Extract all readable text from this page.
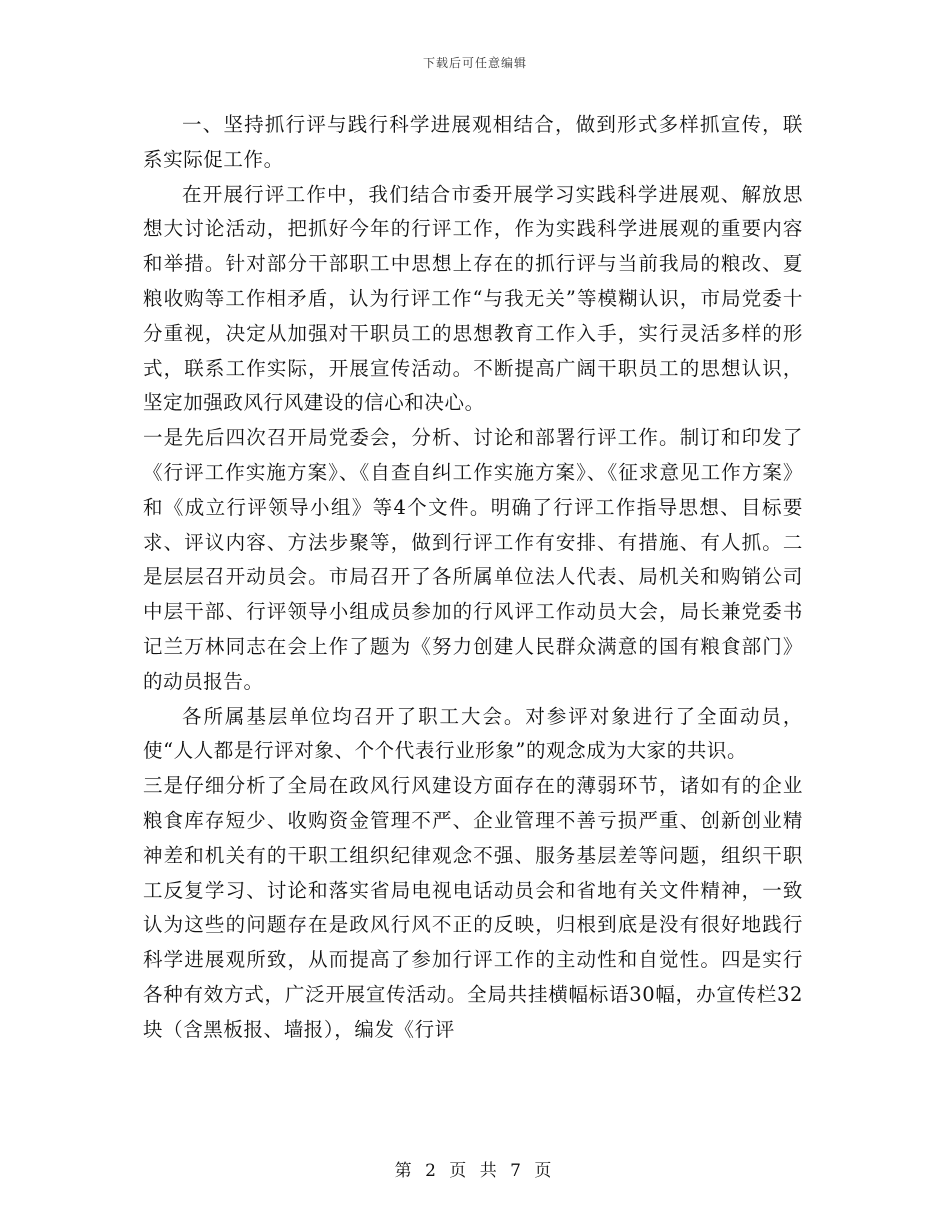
下载后可任意编辑

一、坚持抓行评与践行科学进展观相结合，做到形式多样抓宣传，联系实际促工作。

在开展行评工作中，我们结合市委开展学习实践科学进展观、解放思想大讨论活动，把抓好今年的行评工作，作为实践科学进展观的重要内容和举措。针对部分干部职工中思想上存在的抓行评与当前我局的粮改、夏粮收购等工作相矛盾，认为行评工作“与我无关”等模糊认识，市局党委十分重视，决定从加强对干职员工的思想教育工作入手，实行灵活多样的形式，联系工作实际，开展宣传活动。不断提高广阔干职员工的思想认识，坚定加强政风行风建设的信心和决心。

一是先后四次召开局党委会，分析、讨论和部署行评工作。制订和印发了《行评工作实施方案》、《自查自纠工作实施方案》、《征求意见工作方案》和《成立行评领导小组》等4个文件。明确了行评工作指导思想、目标要求、评议内容、方法步聚等，做到行评工作有安排、有措施、有人抓。二是层层召开动员会。市局召开了各所属单位法人代表、局机关和购销公司中层干部、行评领导小组成员参加的行风评工作动员大会，局长兼党委书记兰万林同志在会上作了题为《努力创建人民群众满意的国有粮食部门》的动员报告。

各所属基层单位均召开了职工大会。对参评对象进行了全面动员，使“人人都是行评对象、个个代表行业形象”的观念成为大家的共识。

三是仔细分析了全局在政风行风建设方面存在的薄弱环节，诸如有的企业粮食库存短少、收购资金管理不严、企业管理不善亏损严重、创新创业精神差和机关有的干职工组织纪律观念不强、服务基层差等问题，组织干职工反复学习、讨论和落实省局电视电话动员会和省地有关文件精神，一致认为这些的问题存在是政风行风不正的反映，归根到底是没有很好地践行科学进展观所致，从而提高了参加行评工作的主动性和自觉性。四是实行各种有效方式，广泛开展宣传活动。全局共挂横幅标语30幅，办宣传栏32块（含黑板报、墙报），编发《行评

第 2 页 共 7 页
